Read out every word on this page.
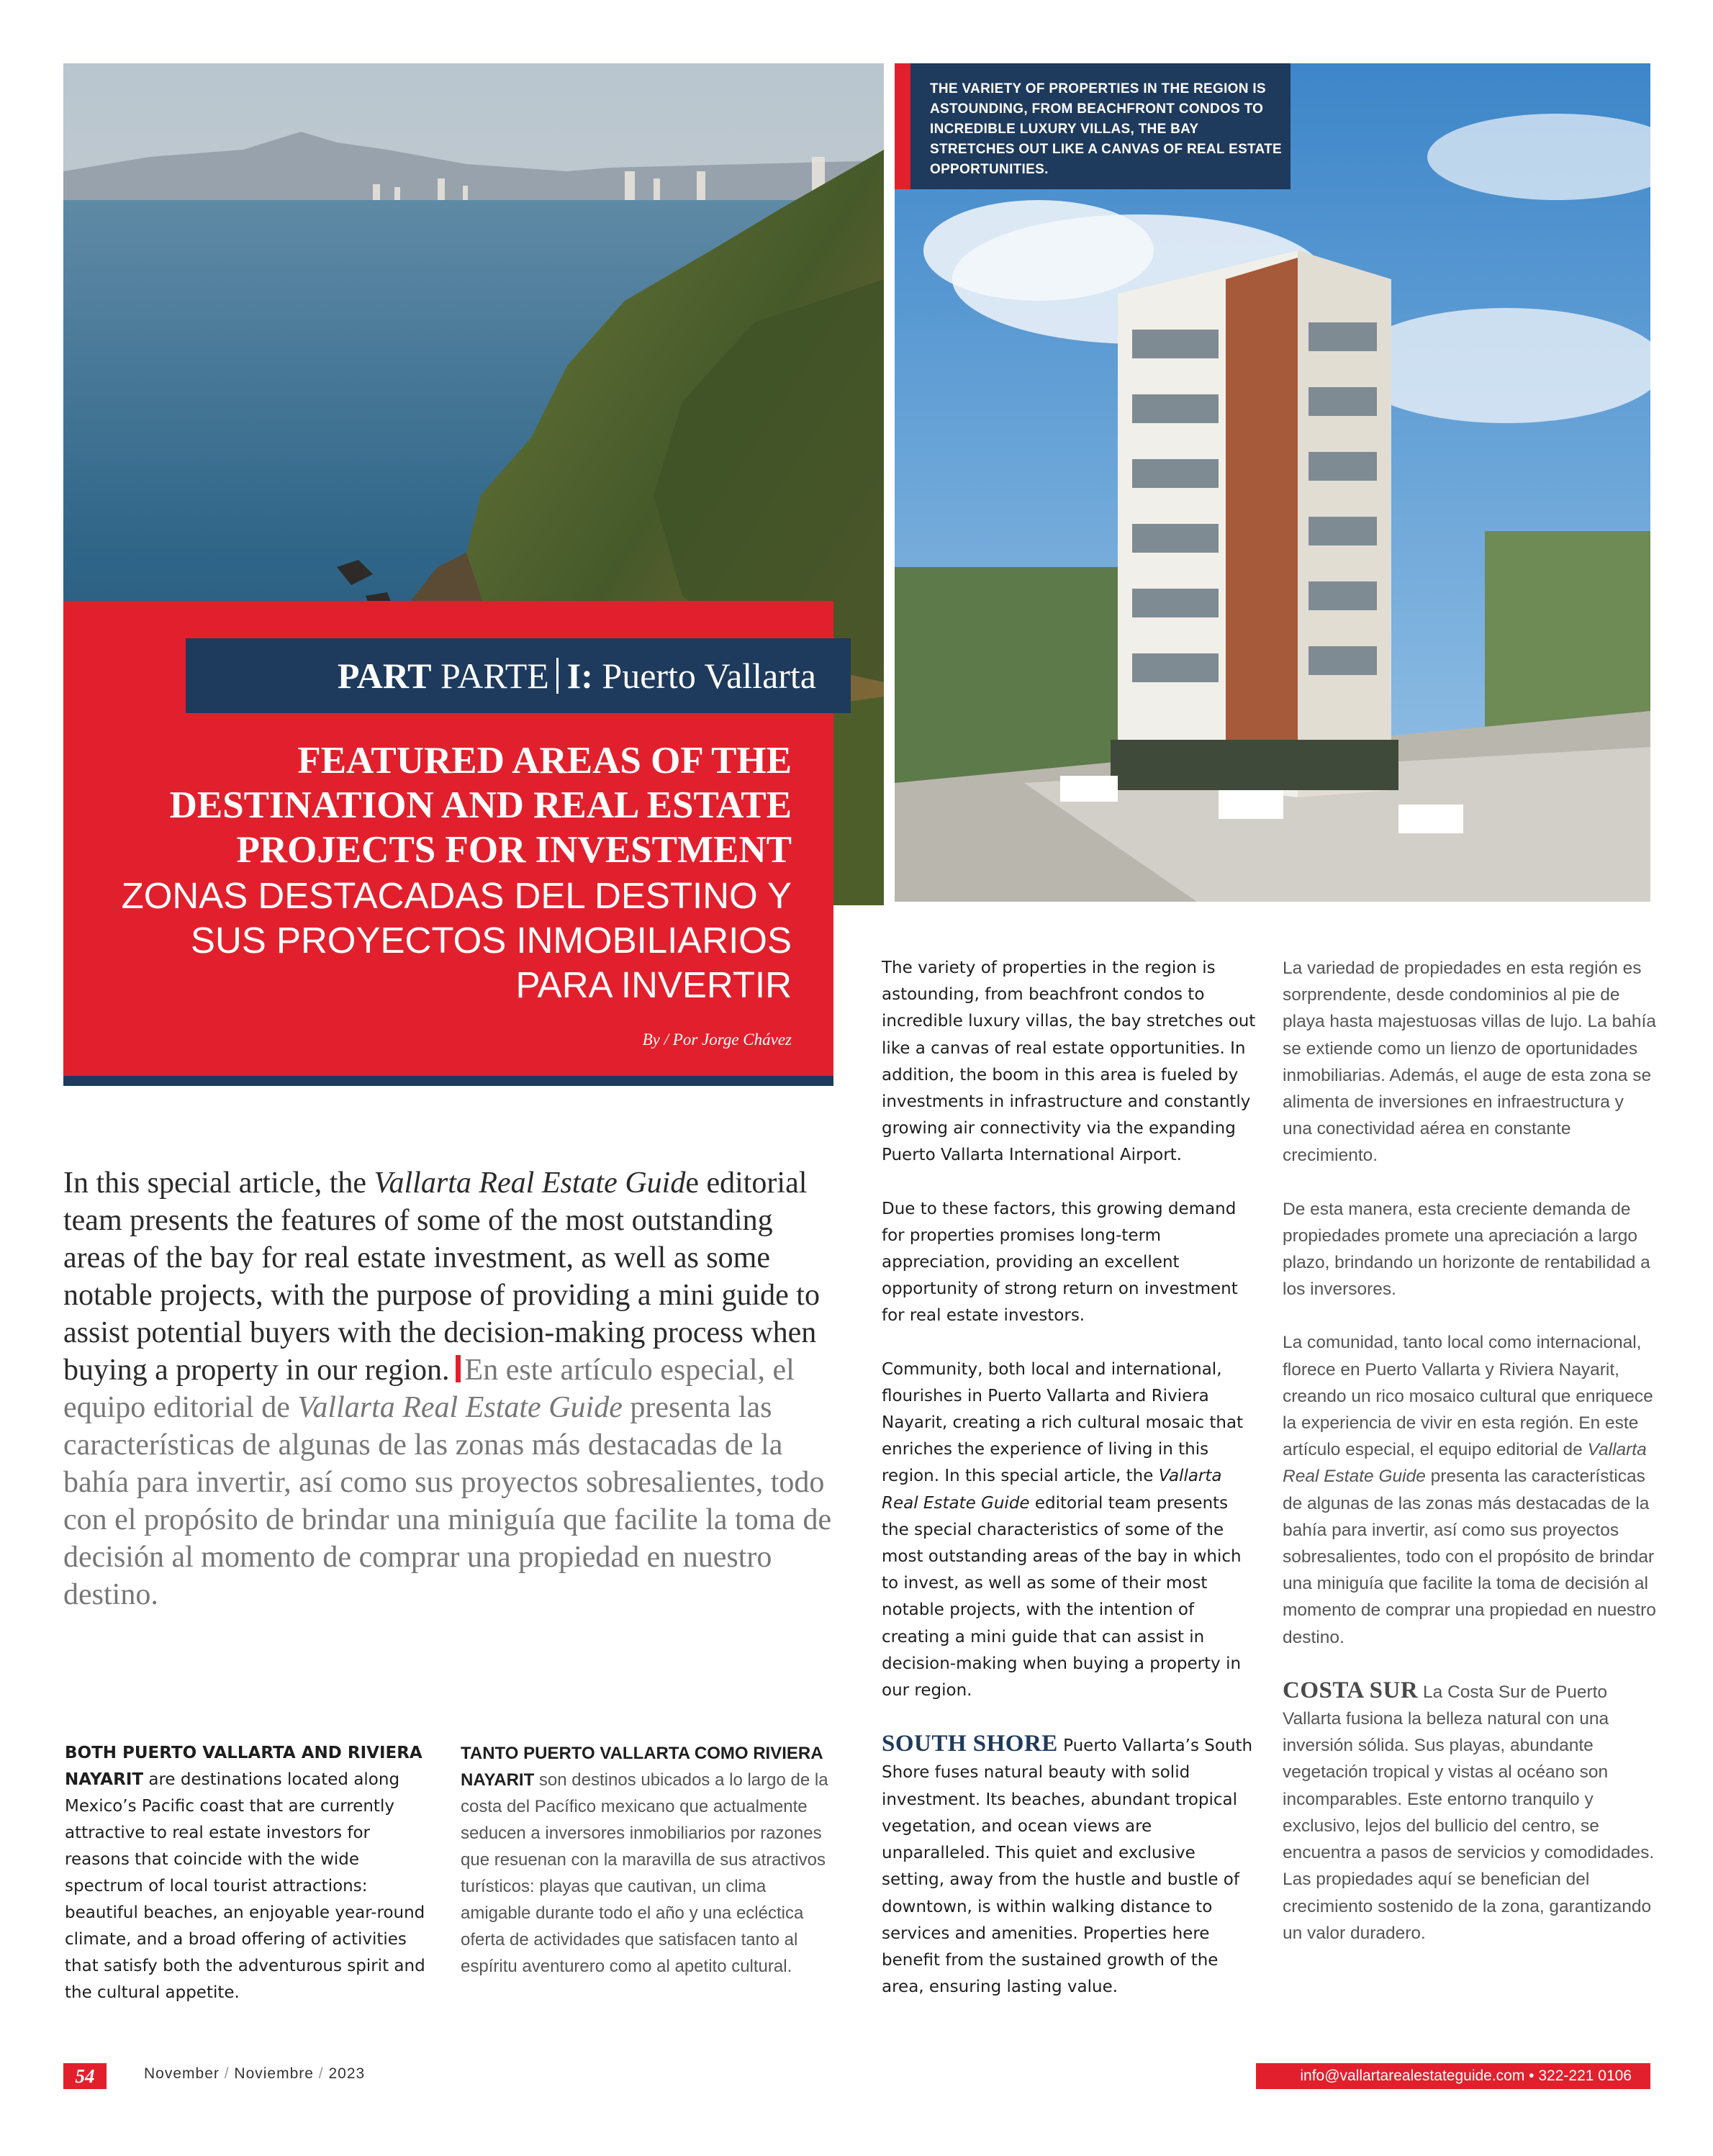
THE VARIETY OF PROPERTIES IN THE REGION IS ASTOUNDING, FROM BEACHFRONT CONDOS TO INCREDIBLE LUXURY VILLAS, THE BAY STRETCHES OUT LIKE A CANVAS OF REAL ESTATE OPPORTUNITIES.
PART
PARTE I:
Puerto Vallarta
FEATURED AREAS OF THE DESTINATION AND REAL ESTATE PROJECTS FOR INVESTMENT
ZONAS DESTACADAS DEL DESTINO Y SUS PROYECTOS INMOBILIARIOS PARA INVERTIR
By / Por Jorge Chávez
In this special article, the Vallarta Real Estate Guide editorial team presents the features of some of the most outstanding areas of the bay for real estate investment, as well as some notable projects, with the purpose of providing a mini guide to assist potential buyers with the decision-making process when buying a property in our region. En este artículo especial, el equipo editorial de Vallarta Real Estate Guide presenta las características de algunas de las zonas más destacadas de la bahía para invertir, así como sus proyectos sobresalientes, todo con el propósito de brindar una miniguía que facilite la toma de decisión al momento de comprar una propiedad en nuestro destino.
BOTH PUERTO VALLARTA AND RIVIERA NAYARIT are destinations located along Mexico’s Pacific coast that are currently attractive to real estate investors for reasons that coincide with the wide spectrum of local tourist attractions: beautiful beaches, an enjoyable year-round climate, and a broad offering of activities that satisfy both the adventurous spirit and the cultural appetite.
TANTO PUERTO VALLARTA COMO RIVIERA NAYARIT son destinos ubicados a lo largo de la costa del Pacífico mexicano que actualmente seducen a inversores inmobiliarios por razones que resuenan con la maravilla de sus atractivos turísticos: playas que cautivan, un clima amigable durante todo el año y una ecléctica oferta de actividades que satisfacen tanto al espíritu aventurero como al apetito cultural.

The variety of properties in the region is astounding, from beachfront condos to incredible luxury villas, the bay stretches out like a canvas of real estate opportunities. In addition, the boom in this area is fueled by investments in infrastructure and constantly growing air connectivity via the expanding Puerto Vallarta International Airport.

Due to these factors, this growing demand for properties promises long-term appreciation, providing an excellent opportunity of strong return on investment for real estate investors.

Community, both local and international, flourishes in Puerto Vallarta and Riviera Nayarit, creating a rich cultural mosaic that enriches the experience of living in this region. In this special article, the Vallarta Real Estate Guide editorial team presents the special characteristics of some of the most outstanding areas of the bay in which to invest, as well as some of their most notable projects, with the intention of creating a mini guide that can assist in decision-making when buying a property in our region.

SOUTH SHORE Puerto Vallarta’s South Shore fuses natural beauty with solid investment. Its beaches, abundant tropical vegetation, and ocean views are unparalleled. This quiet and exclusive setting, away from the hustle and bustle of downtown, is within walking distance to services and amenities. Properties here benefit from the sustained growth of the area, ensuring lasting value.

La variedad de propiedades en esta región es sorprendente, desde condominios al pie de playa hasta majestuosas villas de lujo. La bahía se extiende como un lienzo de oportunidades inmobiliarias. Además, el auge de esta zona se alimenta de inversiones en infraestructura y una conectividad aérea en constante crecimiento.

De esta manera, esta creciente demanda de propiedades promete una apreciación a largo plazo, brindando un horizonte de rentabilidad a los inversores.

La comunidad, tanto local como internacional, florece en Puerto Vallarta y Riviera Nayarit, creando un rico mosaico cultural que enriquece la experiencia de vivir en esta región. En este artículo especial, el equipo editorial de Vallarta Real Estate Guide presenta las características de algunas de las zonas más destacadas de la bahía para invertir, así como sus proyectos sobresalientes, todo con el propósito de brindar una miniguía que facilite la toma de decisión al momento de comprar una propiedad en nuestro destino.

COSTA SUR La Costa Sur de Puerto Vallarta fusiona la belleza natural con una inversión sólida. Sus playas, abundante vegetación tropical y vistas al océano son incomparables. Este entorno tranquilo y exclusivo, lejos del bullicio del centro, se encuentra a pasos de servicios y comodidades. Las propiedades aquí se benefician del crecimiento sostenido de la zona, garantizando un valor duradero.

54	November / Noviembre / 2023	info@vallartarealestateguide.com • 322-221 0106
